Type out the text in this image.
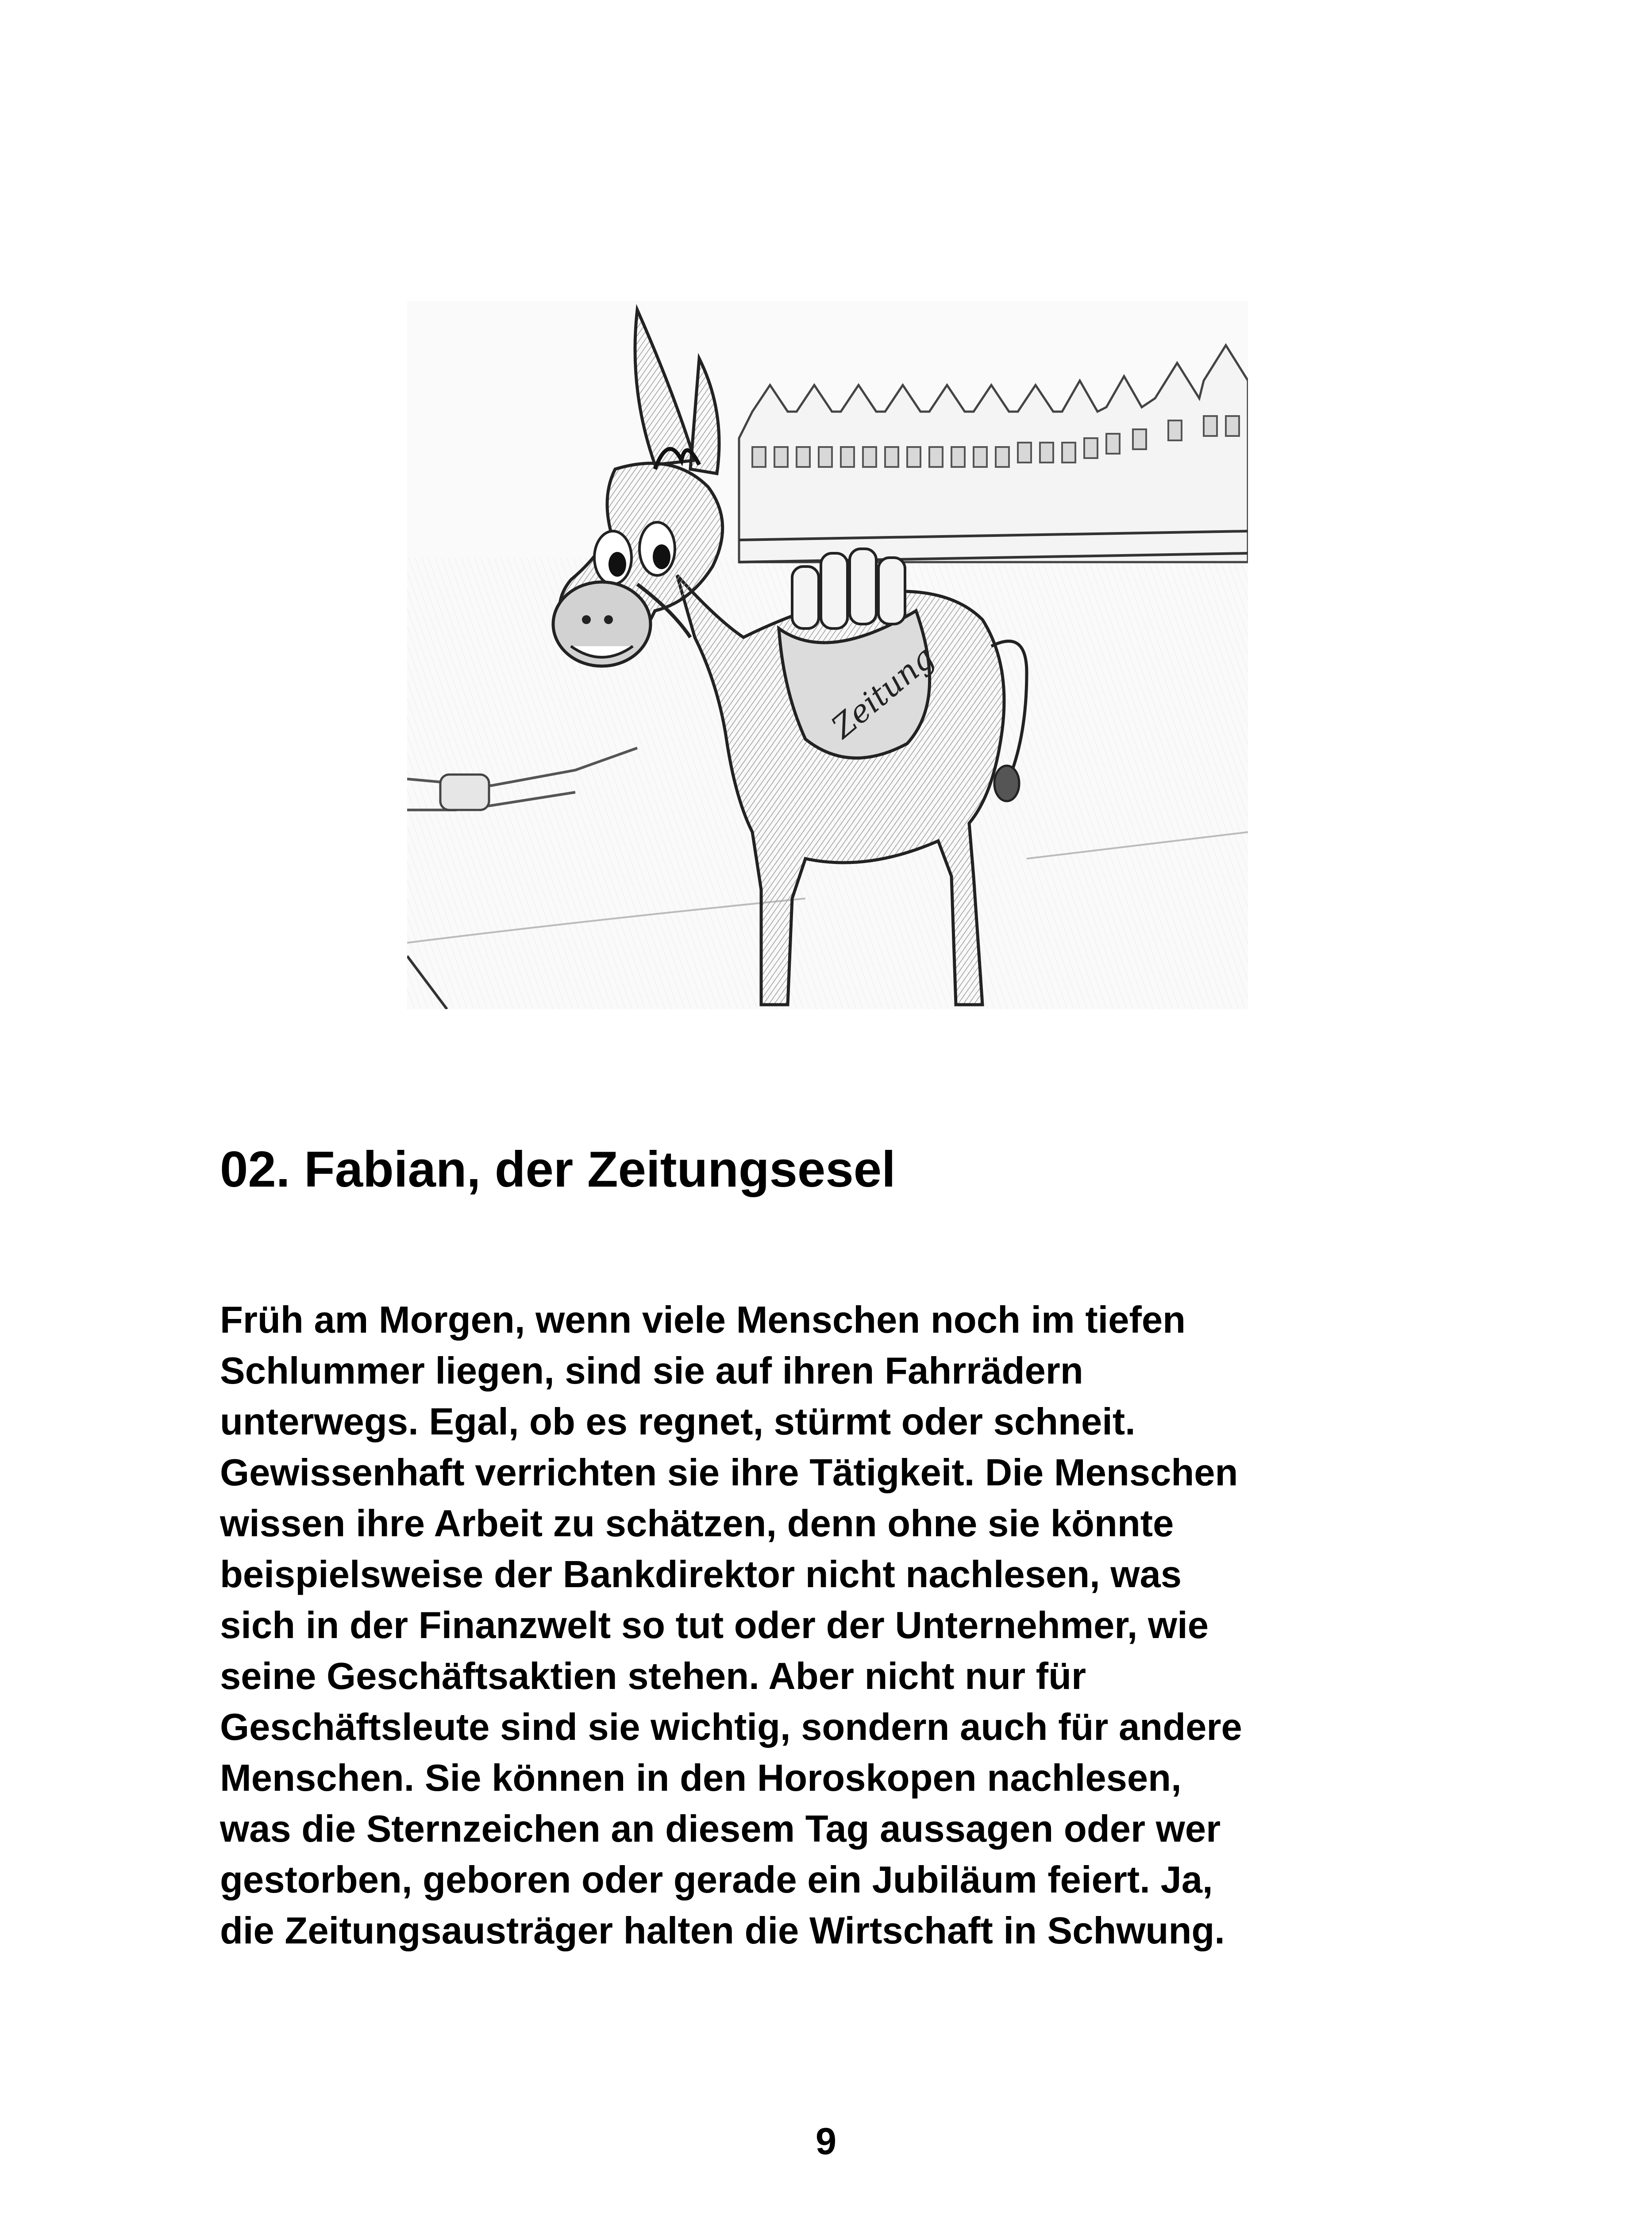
Zeitung
02. Fabian, der Zeitungsesel
Früh am Morgen, wenn viele Menschen noch im tiefen
Schlummer liegen, sind sie auf ihren Fahrrädern
unterwegs. Egal, ob es regnet, stürmt oder schneit.
Gewissenhaft verrichten sie ihre Tätigkeit. Die Menschen
wissen ihre Arbeit zu schätzen, denn ohne sie könnte
beispielsweise der Bankdirektor nicht nachlesen, was
sich in der Finanzwelt so tut oder der Unternehmer, wie
seine Geschäftsaktien stehen. Aber nicht nur für
Geschäftsleute sind sie wichtig, sondern auch für andere
Menschen. Sie können in den Horoskopen nachlesen,
was die Sternzeichen an diesem Tag aussagen oder wer
gestorben, geboren oder gerade ein Jubiläum feiert. Ja,
die Zeitungsausträger halten die Wirtschaft in Schwung.
9
